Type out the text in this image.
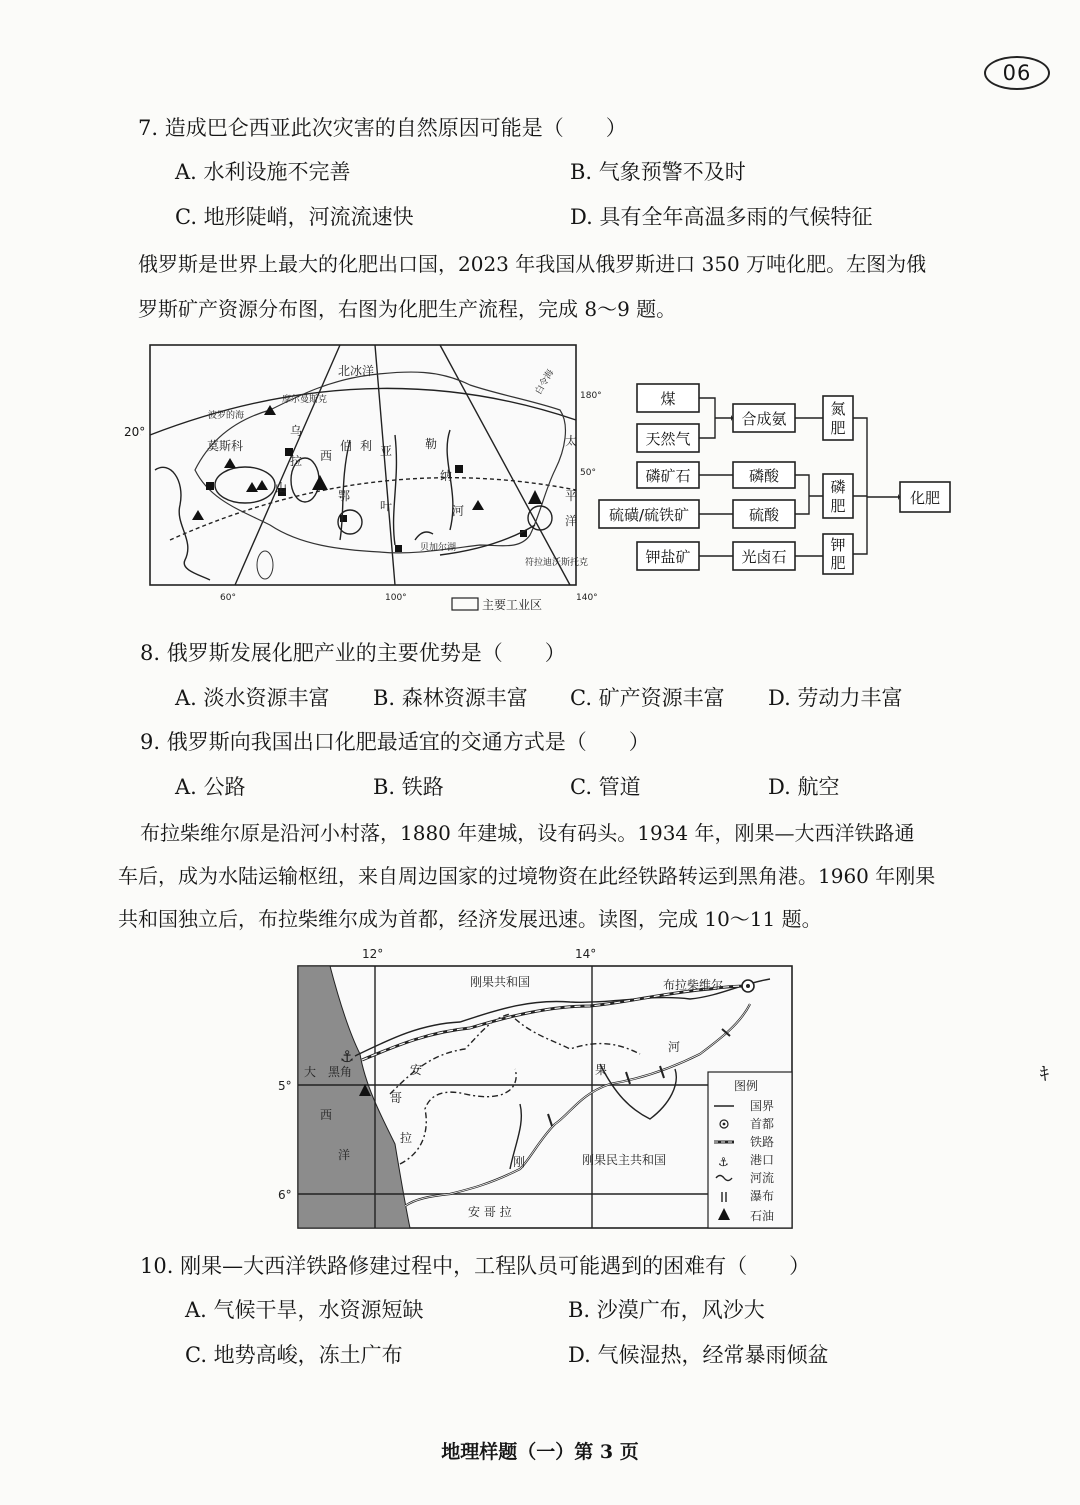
06
7. 造成巴仑西亚此次灾害的自然原因可能是（　　）
A. 水利设施不完善	B. 气象预警不及时
C. 地形陡峭，河流流速快	D. 具有全年高温多雨的气候特征
俄罗斯是世界上最大的化肥出口国，2023 年我国从俄罗斯进口 350 万吨化肥。左图为俄
罗斯矿产资源分布图，右图为化肥生产流程，完成 8～9 题。
北冰洋
太
平
洋
莫斯科
摩尔曼斯克
波罗的海
乌
拉
山
西
伯 利 亚
鄂
叶
勒
纳
河
贝加尔湖
白令海
符拉迪沃斯托克
180°
50°
60°	100°	140°
主要工业区
20°
煤
天然气
磷矿石
硫磺/硫铁矿
钾盐矿
合成氨
磷酸
硫酸
光卤石
氮
肥
磷
肥
钾
肥
化肥
8. 俄罗斯发展化肥产业的主要优势是（　　）
A. 淡水资源丰富 B. 森林资源丰富 C. 矿产资源丰富 D. 劳动力丰富
9. 俄罗斯向我国出口化肥最适宜的交通方式是（　　）
A. 公路	B. 铁路	C. 管道	D. 航空
布拉柴维尔原是沿河小村落，1880 年建城，设有码头。1934 年，刚果—大西洋铁路通
车后，成为水陆运输枢纽，来自周边国家的过境物资在此经铁路转运到黑角港。1960 年刚果
共和国独立后，布拉柴维尔成为首都，经济发展迅速。读图，完成 10～11 题。
⚓
12°	14°
5°
6°
刚果共和国	布拉柴维尔
黑角
大
西
洋
安
哥
拉
刚
果
河
刚果民主共和国
安 哥 拉
图例
国界
首都
铁路
⚓ 港口
河流
瀑布
石油
ｷ
10. 刚果—大西洋铁路修建过程中，工程队员可能遇到的困难有（　　）
A. 气候干旱，水资源短缺	B. 沙漠广布，风沙大
C. 地势高峻，冻土广布	D. 气候湿热，经常暴雨倾盆
地理样题（一）第 3 页
